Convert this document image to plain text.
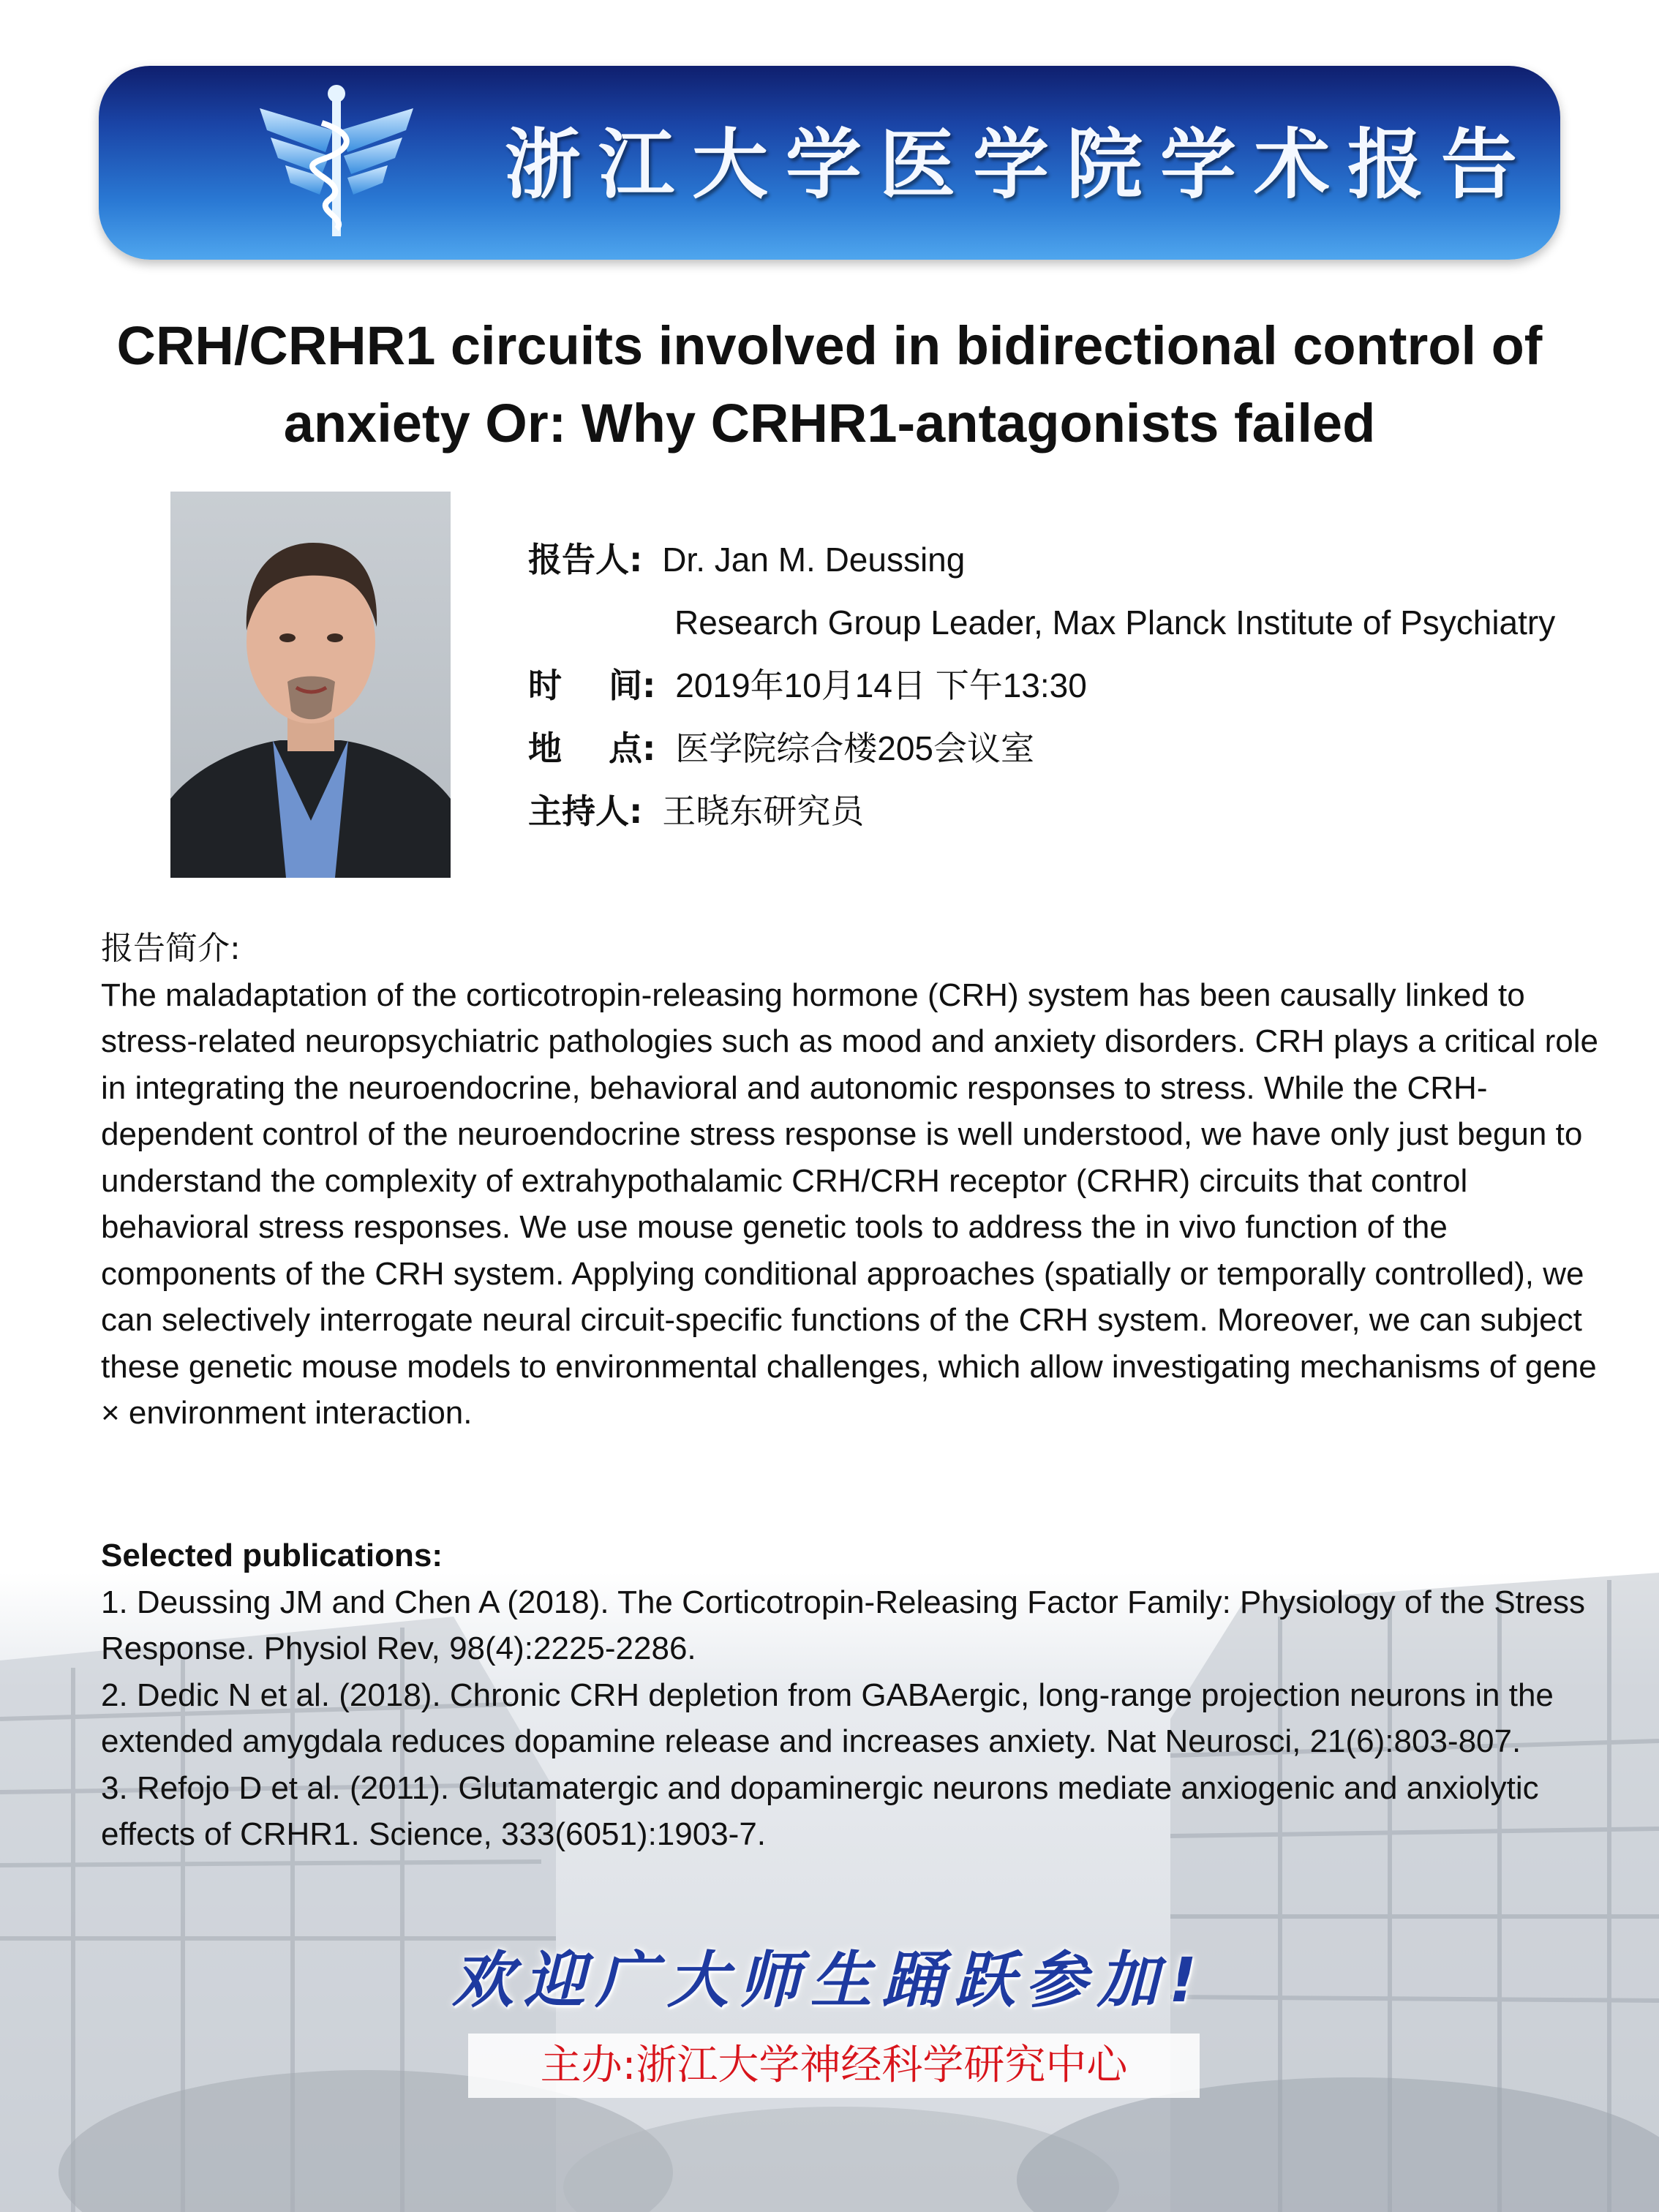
浙江大学医学院学术报告
CRH/CRHR1 circuits involved in bidirectional control of
anxiety Or: Why CRHR1-antagonists failed
报告人: Dr. Jan M. Deussing
Research Group Leader, Max Planck Institute of Psychiatry
时    间: 2019年10月14日 下午13:30
地    点: 医学院综合楼205会议室
主持人: 王晓东研究员
报告简介:

The maladaptation of the corticotropin-releasing hormone (CRH) system has been causally linked to stress-related neuropsychiatric pathologies such as mood and anxiety disorders. CRH plays a critical role in integrating the neuroendocrine, behavioral and autonomic responses to stress. While the CRH-dependent control of the neuroendocrine stress response is well understood, we have only just begun to understand the complexity of extrahypothalamic CRH/CRH receptor (CRHR) circuits that control behavioral stress responses. We use mouse genetic tools to address the in vivo function of the components of the CRH system. Applying conditional approaches (spatially or temporally controlled), we can selectively interrogate neural circuit-specific functions of the CRH system. Moreover, we can subject these genetic mouse models to environmental challenges, which allow investigating mechanisms of gene × environment interaction.

Selected publications:

1. Deussing JM and Chen A (2018). The Corticotropin-Releasing Factor Family: Physiology of the Stress Response. Physiol Rev, 98(4):2225-2286.

2. Dedic N et al. (2018). Chronic CRH depletion from GABAergic, long-range projection neurons in the extended amygdala reduces dopamine release and increases anxiety. Nat Neurosci, 21(6):803-807.

3. Refojo D et al. (2011). Glutamatergic and dopaminergic neurons mediate anxiogenic and anxiolytic effects of CRHR1. Science, 333(6051):1903-7.

欢迎广大师生踊跃参加!
主办:浙江大学神经科学研究中心
